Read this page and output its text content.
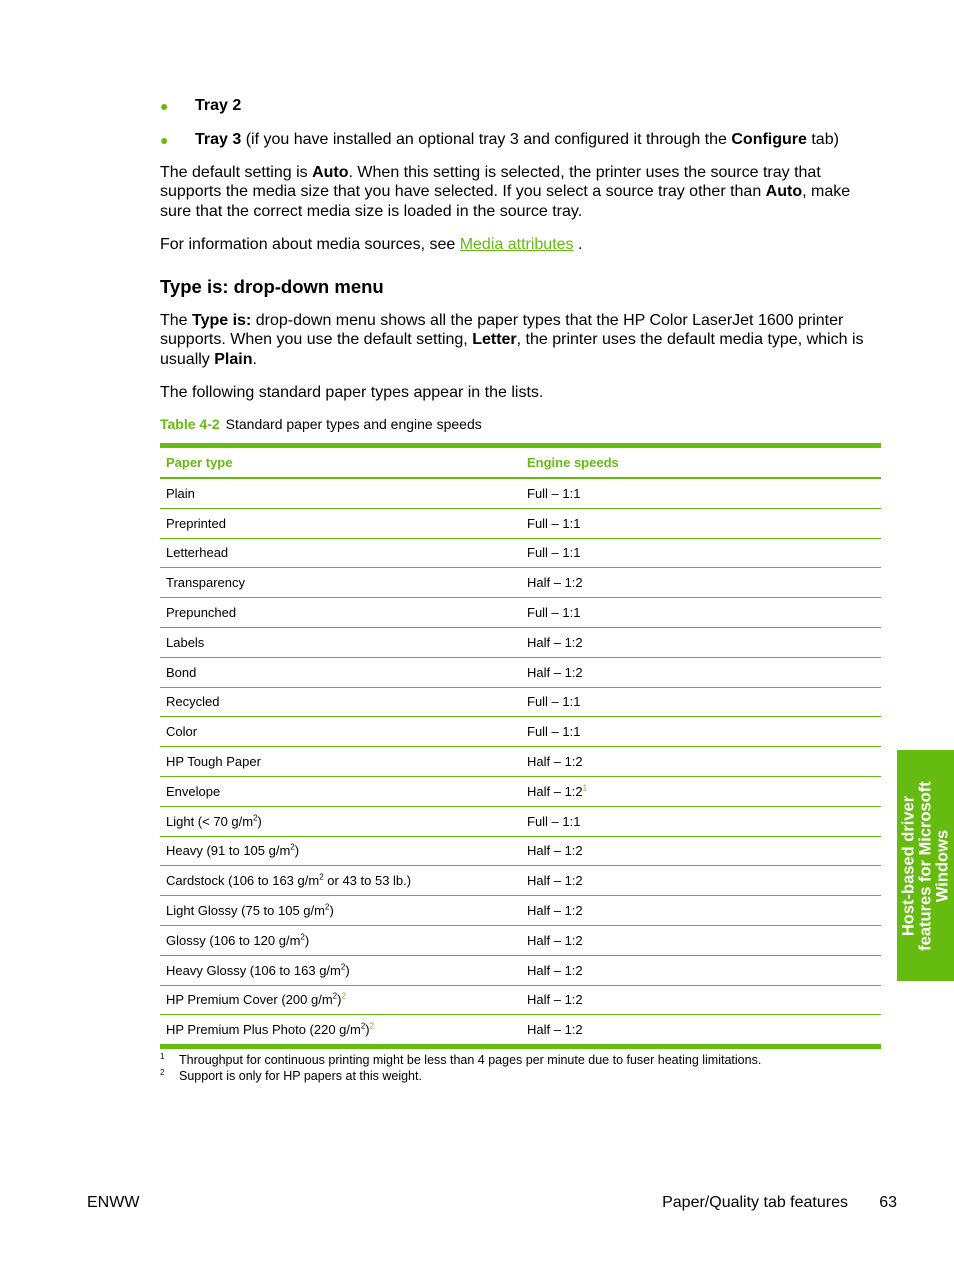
● Tray 2
● Tray 3 (if you have installed an optional tray 3 and configured it through the Configure tab)

The default setting is Auto. When this setting is selected, the printer uses the source tray that supports the media size that you have selected. If you select a source tray other than Auto, make sure that the correct media size is loaded in the source tray.

For information about media sources, see Media attributes .

Type is: drop-down menu

The Type is: drop-down menu shows all the paper types that the HP Color LaserJet 1600 printer supports. When you use the default setting, Letter, the printer uses the default media type, which is usually Plain.

The following standard paper types appear in the lists.

Table 4-2 Standard paper types and engine speeds
Paper type	Engine speeds
Plain	Full – 1:1
Preprinted	Full – 1:1
Letterhead	Full – 1:1
Transparency	Half – 1:2
Prepunched	Full – 1:1
Labels	Half – 1:2
Bond	Half – 1:2
Recycled	Full – 1:1
Color	Full – 1:1
HP Tough Paper	Half – 1:2
Envelope	Half – $1:2^1$
Light (< 70 $g/m^2$)	Full – 1:1
Heavy (91 to 105 $g/m^2$)	Half – 1:2
Cardstock (106 to 163 $g/m^2$ or 43 to 53 lb.)	Half – 1:2
Light Glossy (75 to 105 $g/m^2$)	Half – 1:2
Glossy (106 to 120 $g/m^2$)	Half – 1:2
Heavy Glossy (106 to 163 $g/m^2$)	Half – 1:2
HP Premium Cover (200 $g/m^2)^2$	Half – 1:2
HP Premium Plus Photo (220 $g/m^2)^2$	Half – 1:2
1 Throughput for continuous printing might be less than 4 pages per minute due to fuser heating limitations.
2 Support is only for HP papers at this weight.
ENWW	Paper/Quality tab features 63
Host-based driver features for Microsoft Windows
